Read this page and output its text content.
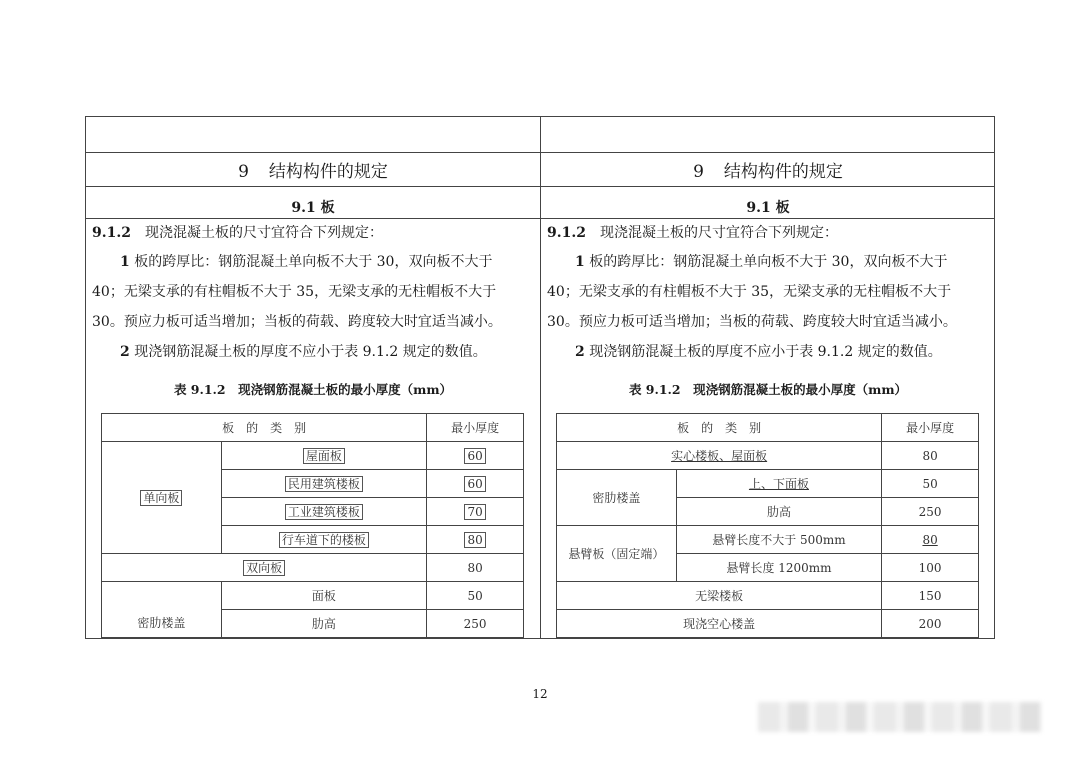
9 结构构件的规定
9.1 板
9.1.2　 现浇混凝土板的尺寸宜符合下列规定：
1 板的跨厚比：钢筋混凝土单向板不大于 30，双向板不大于
40；无梁支承的有柱帽板不大于 35，无梁支承的无柱帽板不大于
30。预应力板可适当增加；当板的荷载、跨度较大时宜适当减小。
2 现浇钢筋混凝土板的厚度不应小于表 9.1.2 规定的数值。
表 9.1.2　现浇钢筋混凝土板的最小厚度（mm）
板　的　类　别		最小厚度
单向板	屋面板	60
	民用建筑楼板	60
	工业建筑楼板	70
	行车道下的楼板	80
双向板		80
密肋楼盖	面板	50
	肋高	250
9 结构构件的规定
9.1 板
9.1.2　 现浇混凝土板的尺寸宜符合下列规定：
1 板的跨厚比：钢筋混凝土单向板不大于 30，双向板不大于
40；无梁支承的有柱帽板不大于 35，无梁支承的无柱帽板不大于
30。预应力板可适当增加；当板的荷载、跨度较大时宜适当减小。
2 现浇钢筋混凝土板的厚度不应小于表 9.1.2 规定的数值。
表 9.1.2　现浇钢筋混凝土板的最小厚度（mm）
板　的　类　别		最小厚度
实心楼板、屋面板		80
密肋楼盖	上、下面板	50
	肋高	250
悬臂板（固定端）	悬臂长度不大于 500mm	80
	悬臂长度 1200mm	100
无梁楼板		150
现浇空心楼盖		200
12
